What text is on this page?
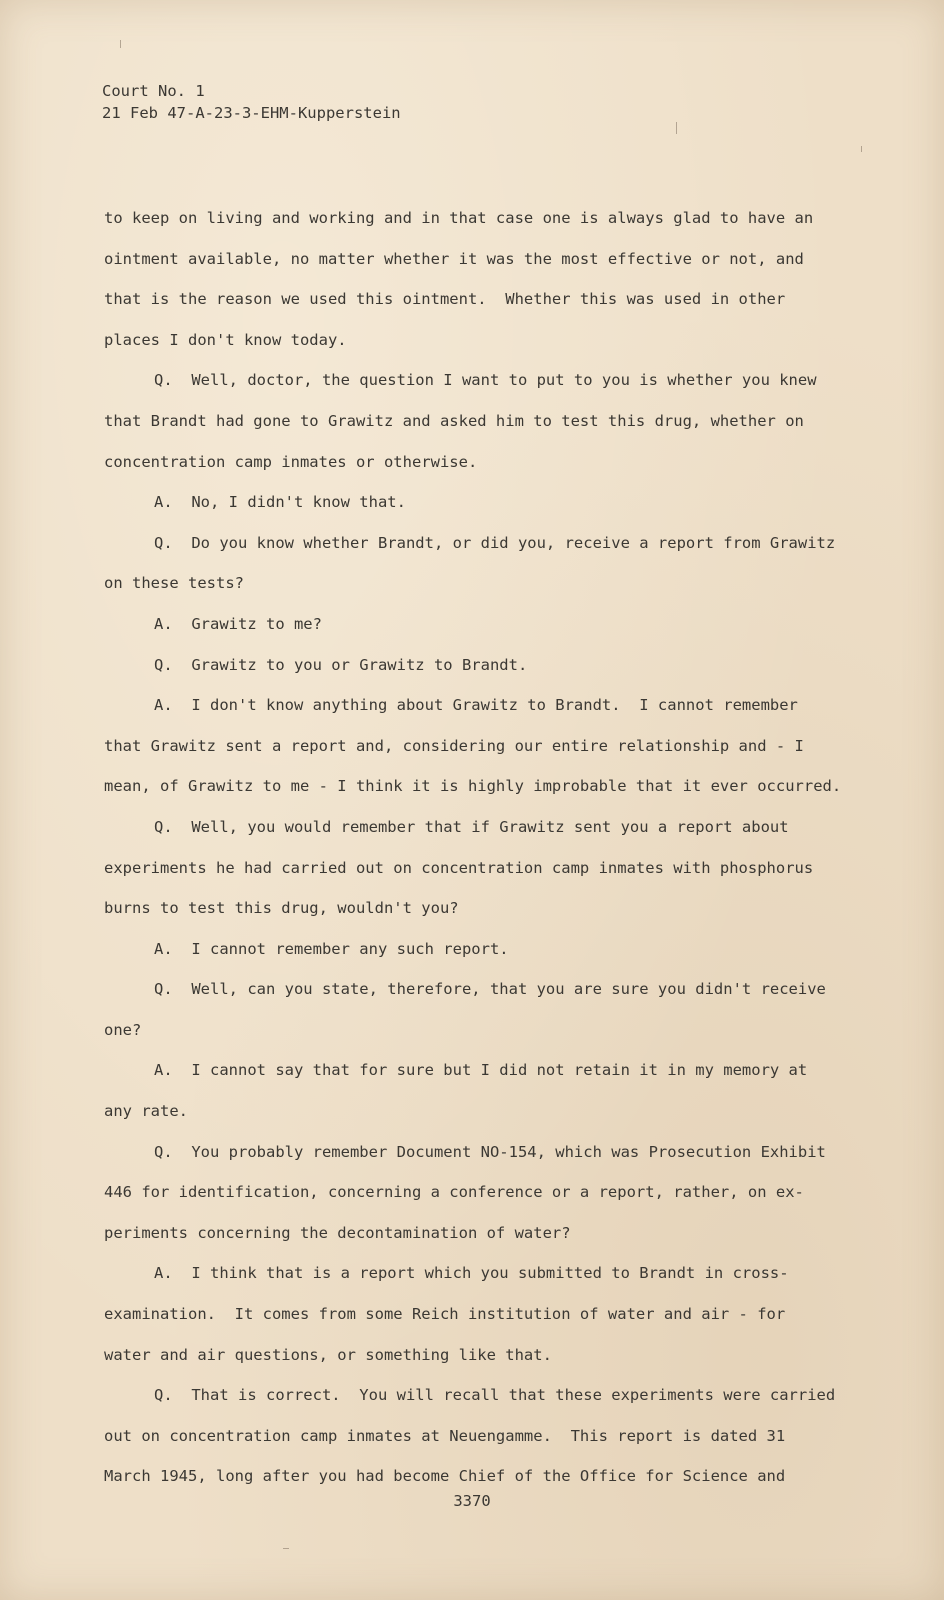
Court No. 1
21 Feb 47-A-23-3-EHM-Kupperstein
to keep on living and working and in that case one is always glad to have an
ointment available, no matter whether it was the most effective or not, and
that is the reason we used this ointment.  Whether this was used in other
places I don't know today.
Q.  Well, doctor, the question I want to put to you is whether you knew
that Brandt had gone to Grawitz and asked him to test this drug, whether on
concentration camp inmates or otherwise.
A.  No, I didn't know that.
Q.  Do you know whether Brandt, or did you, receive a report from Grawitz
on these tests?
A.  Grawitz to me?
Q.  Grawitz to you or Grawitz to Brandt.
A.  I don't know anything about Grawitz to Brandt.  I cannot remember
that Grawitz sent a report and, considering our entire relationship and - I
mean, of Grawitz to me - I think it is highly improbable that it ever occurred.
Q.  Well, you would remember that if Grawitz sent you a report about
experiments he had carried out on concentration camp inmates with phosphorus
burns to test this drug, wouldn't you?
A.  I cannot remember any such report.
Q.  Well, can you state, therefore, that you are sure you didn't receive
one?
A.  I cannot say that for sure but I did not retain it in my memory at
any rate.
Q.  You probably remember Document NO-154, which was Prosecution Exhibit
446 for identification, concerning a conference or a report, rather, on ex-
periments concerning the decontamination of water?
A.  I think that is a report which you submitted to Brandt in cross-
examination.  It comes from some Reich institution of water and air - for
water and air questions, or something like that.
Q.  That is correct.  You will recall that these experiments were carried
out on concentration camp inmates at Neuengamme.  This report is dated 31
March 1945, long after you had become Chief of the Office for Science and
3370
